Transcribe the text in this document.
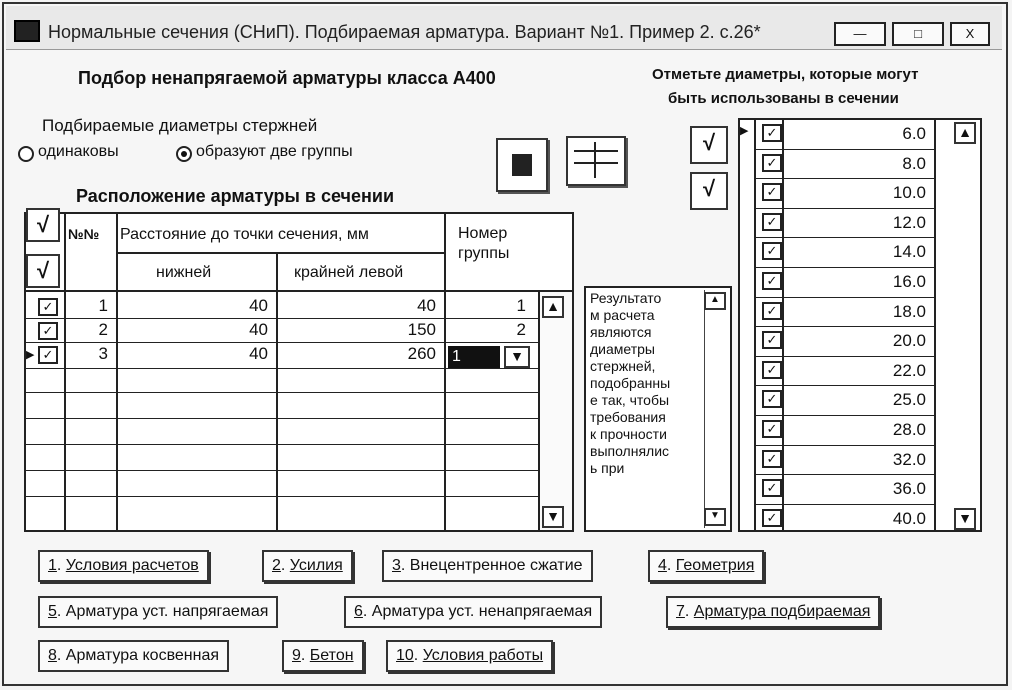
Нормальные сечения (СНиП). Подбираемая арматура. Вариант №1. Пример 2. с.26*	—	□	X
Подбор ненапрягаемой арматуры класса А400	Отметьте диаметры, которые могут
быть использованы в сечении
Подбираемые диаметры стержней
одинаковы	образуют две группы
Расположение арматуры в сечении
√
√
№№ Расстояние до точки сечения, мм
нижней	крайней левой
Номер группы
▲
▼
✓	1	40	40	1
✓	2	40	150	2
▶ ✓	3	40	260	1	▼
Результато
м расчета
являются
диаметры
стержней,
подобранны
е так, чтобы
требования
к прочности
выполнялис
ь при
▲
▼
√
√
▲
▼
▶	✓	6.0
✓	8.0
✓	10.0
✓	12.0
✓	14.0
✓	16.0
✓	18.0
✓	20.0
✓	22.0
✓	25.0
✓	28.0
✓	32.0
✓	36.0
✓	40.0
1. Условия расчетов	2. Усилия	3. Внецентренное сжатие	4. Геометрия
5. Арматура уст. напрягаемая	6. Арматура уст. ненапрягаемая	7. Арматура подбираемая
8. Арматура косвенная	9. Бетон	10. Условия работы
